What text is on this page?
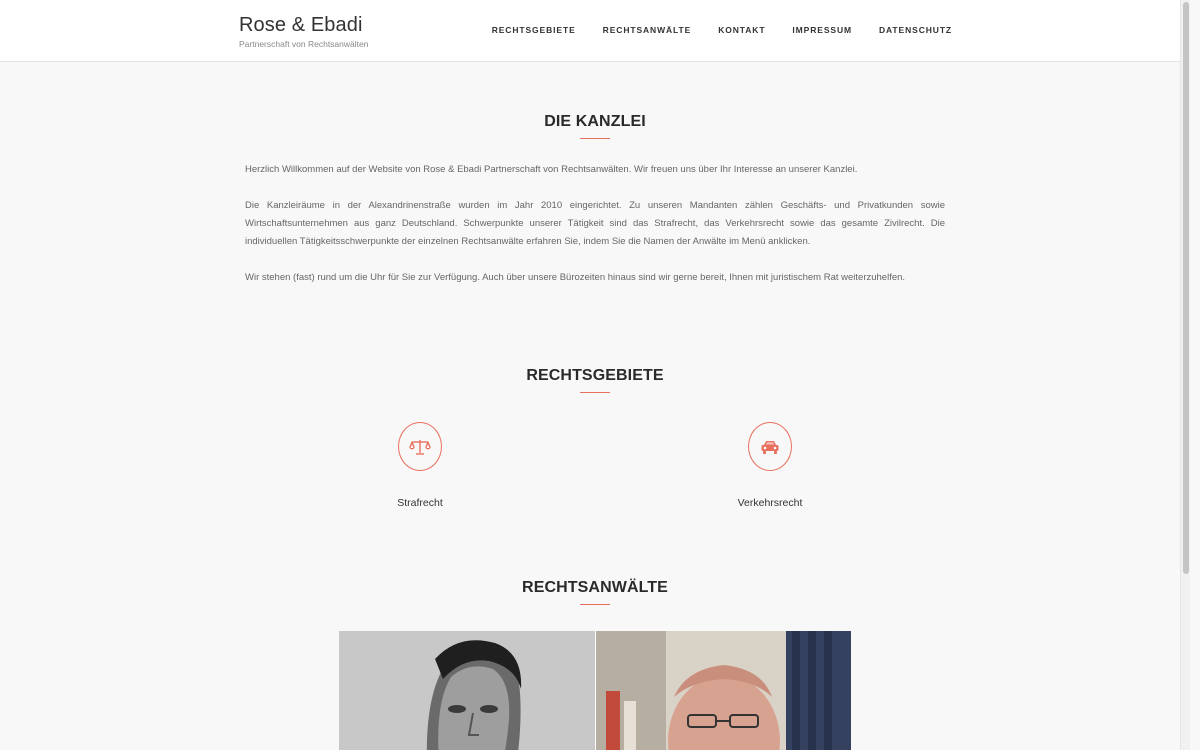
Rose & Ebadi
Partnerschaft von Rechtsanwälten
RECHTSGEBIETE	RECHTSANWÄLTE	KONTAKT	IMPRESSUM	DATENSCHUTZ
DIE KANZLEI

Herzlich Willkommen auf der Website von Rose & Ebadi Partnerschaft von Rechtsanwälten. Wir freuen uns über Ihr Interesse an unserer Kanzlei.

Die Kanzleiräume in der Alexandrinenstraße wurden im Jahr 2010 eingerichtet. Zu unseren Mandanten zählen Geschäfts- und Privatkunden sowie Wirtschaftsunternehmen aus ganz Deutschland. Schwerpunkte unserer Tätigkeit sind das Strafrecht, das Verkehrsrecht sowie das gesamte Zivilrecht. Die individuellen Tätigkeitsschwerpunkte der einzelnen Rechtsanwälte erfahren Sie, indem Sie die Namen der Anwälte im Menü anklicken.

Wir stehen (fast) rund um die Uhr für Sie zur Verfügung. Auch über unsere Bürozeiten hinaus sind wir gerne bereit, Ihnen mit juristischem Rat weiterzuhelfen.

RECHTSGEBIETE
Strafrecht	Verkehrsrecht
RECHTSANWÄLTE
